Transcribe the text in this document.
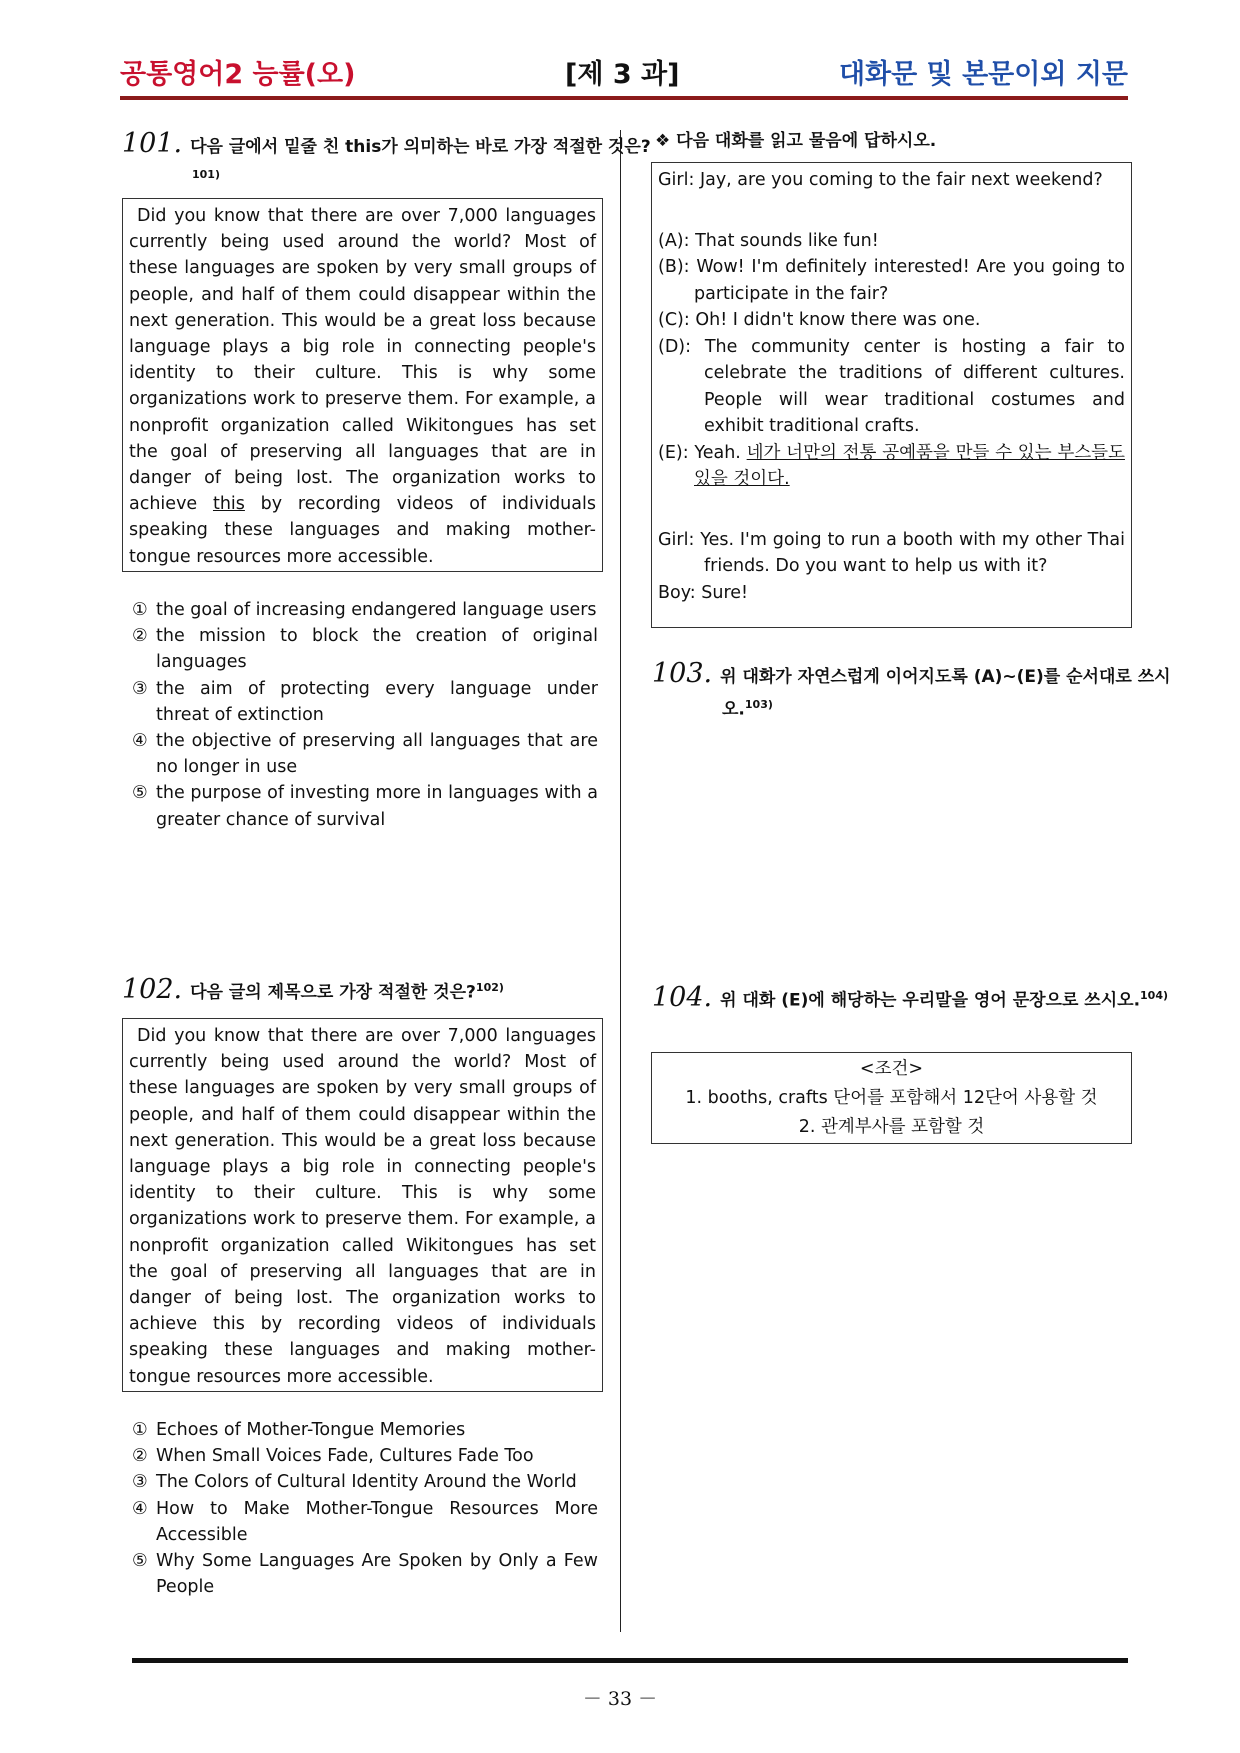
공통영어2 능률(오)	[제 3 과]	대화문 및 본문이외 지문
101. 다음 글에서 밑줄 친 this가 의미하는 바로 가장 적절한 것은?$^{101)}$

Did you know that there are over 7,000 languages currently being used around the world? Most of these languages are spoken by very small groups of people, and half of them could disappear within the next generation. This would be a great loss because language plays a big role in connecting people's identity to their culture. This is why some organizations work to preserve them. For example, a nonprofit organization called Wikitongues has set the goal of preserving all languages that are in danger of being lost. The organization works to achieve this by recording videos of individuals speaking these languages and making mother-tongue resources more accessible.

① the goal of increasing endangered language users
② the mission to block the creation of original languages
③ the aim of protecting every language under threat of extinction
④ the objective of preserving all languages that are no longer in use
⑤ the purpose of investing more in languages with a greater chance of survival
102. 다음 글의 제목으로 가장 적절한 것은?$^{102)}$

Did you know that there are over 7,000 languages currently being used around the world? Most of these languages are spoken by very small groups of people, and half of them could disappear within the next generation. This would be a great loss because language plays a big role in connecting people's identity to their culture. This is why some organizations work to preserve them. For example, a nonprofit organization called Wikitongues has set the goal of preserving all languages that are in danger of being lost. The organization works to achieve this by recording videos of individuals speaking these languages and making mother-tongue resources more accessible.

① Echoes of Mother-Tongue Memories
② When Small Voices Fade, Cultures Fade Too
③ The Colors of Cultural Identity Around the World
④ How to Make Mother-Tongue Resources More Accessible
⑤ Why Some Languages Are Spoken by Only a Few People
❖ 다음 대화를 읽고 물음에 답하시오.
Girl: Jay, are you coming to the fair next weekend?
(A): That sounds like fun!
(B): Wow! I'm definitely interested! Are you going to participate in the fair?
(C): Oh! I didn't know there was one.
(D): The community center is hosting a fair to celebrate the traditions of different cultures. People will wear traditional costumes and exhibit traditional crafts.
(E): Yeah. 네가 너만의 전통 공예품을 만들 수 있는 부스들도 있을 것이다.
Girl: Yes. I'm going to run a booth with my other Thai friends. Do you want to help us with it?
Boy: Sure!
103. 위 대화가 자연스럽게 이어지도록 (A)~(E)를 순서대로 쓰시오.$^{103)}$
104. 위 대화 (E)에 해당하는 우리말을 영어 문장으로 쓰시오.$^{104)}$
<조건>
1. booths, crafts 단어를 포함해서 12단어 사용할 것
2. 관계부사를 포함할 것
－ 33 －
